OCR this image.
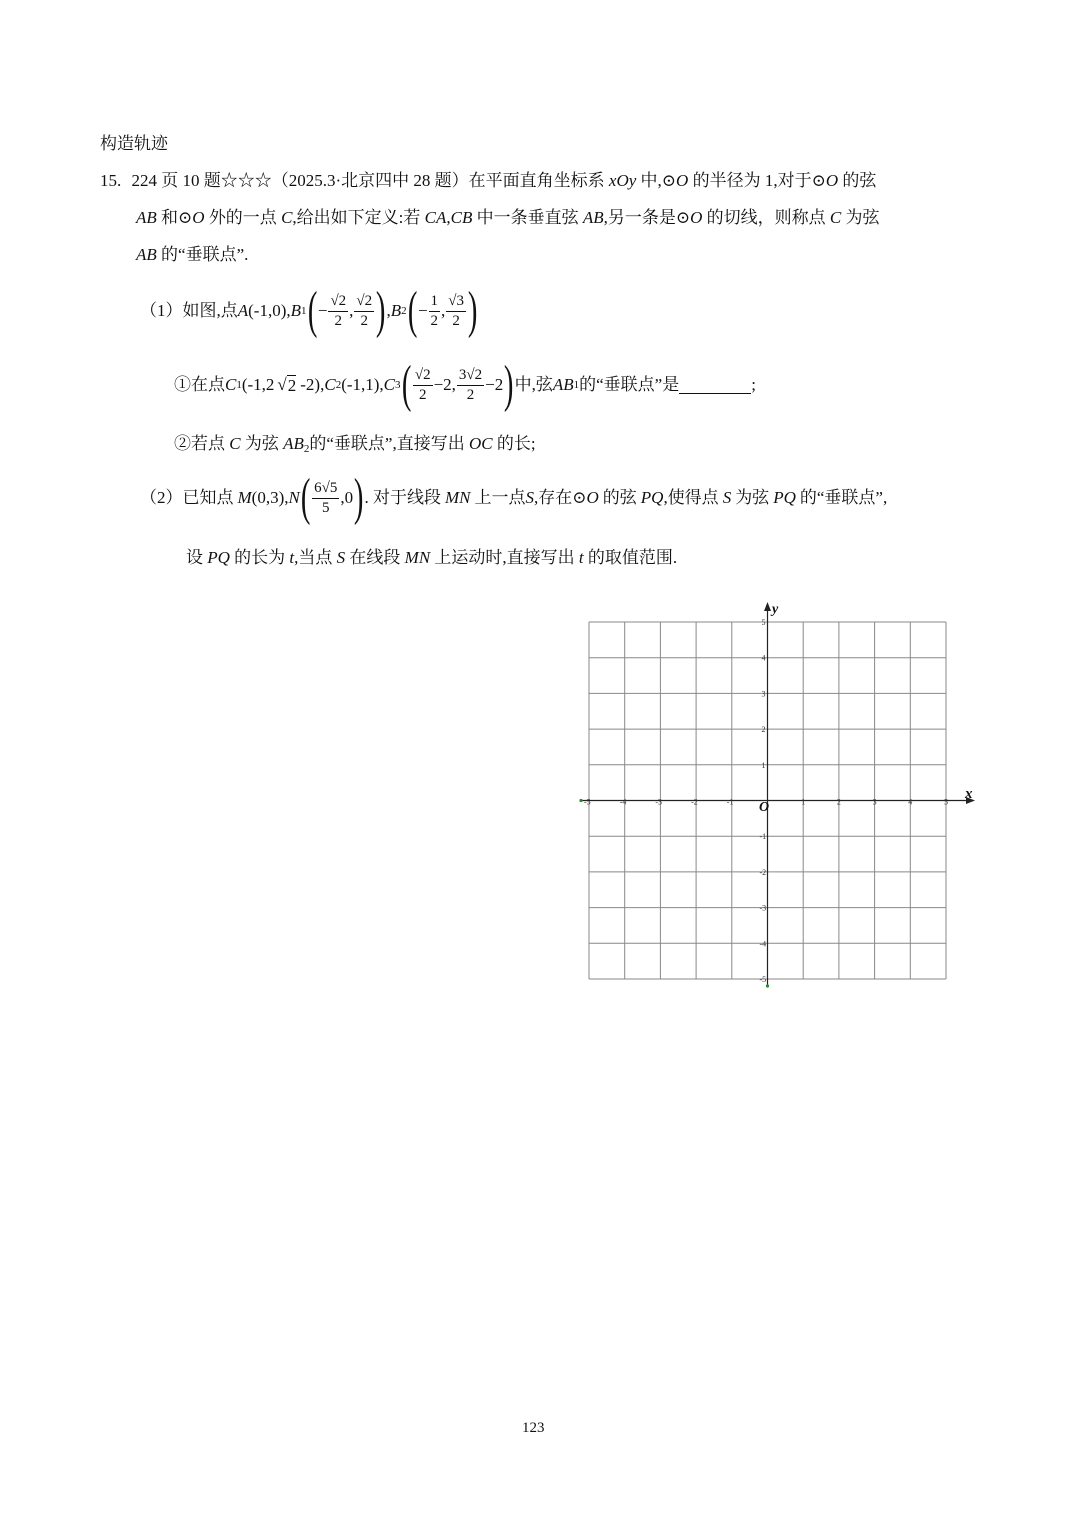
构造轨迹
15. 224 页 10 题☆☆☆（2025.3·北京四中 28 题）在平面直角坐标系 xOy 中,⊙O 的半径为 1,对于⊙O 的弦
AB 和⊙O 外的一点 C,给出如下定义:若 CA,CB 中一条垂直弦 AB,另一条是⊙O 的切线，则称点 C 为弦
AB 的“垂联点”.
（1）如图,点 A (-1,0), B 1 ( − $\frac{√2}{2}$ , $\frac{√2}{2}$ ) , B 2 ( − $\frac{1}{2}$ , $\frac{√3}{2}$ )
①在点 C 1 (-1,2 √ 2 -2), C 2 (-1,1), C 3 ( $\frac{√2}{2} -2$, $\frac{3√2}{2} -2$ ) 中,弦 AB 1 的“垂联点”是	;
②若点 C 为弦 $AB_2$的“垂联点”,直接写出 OC 的长;
（2）已知点 M (0,3), N ( $\frac{6√5}{5} ,0$ ) . 对于线段 MN 上一点 S ,存在⊙ O 的弦 PQ ,使得点 S 为弦 PQ 的“垂联点”,
设 PQ 的长为 t,当点 S 在线段 MN 上运动时,直接写出 t 的取值范围.
x
y
O
-5	-4	-3	-2	-1	1	2	3	4	5
5
4
3
2
1
-1
-2
-3
-4
-5
123
